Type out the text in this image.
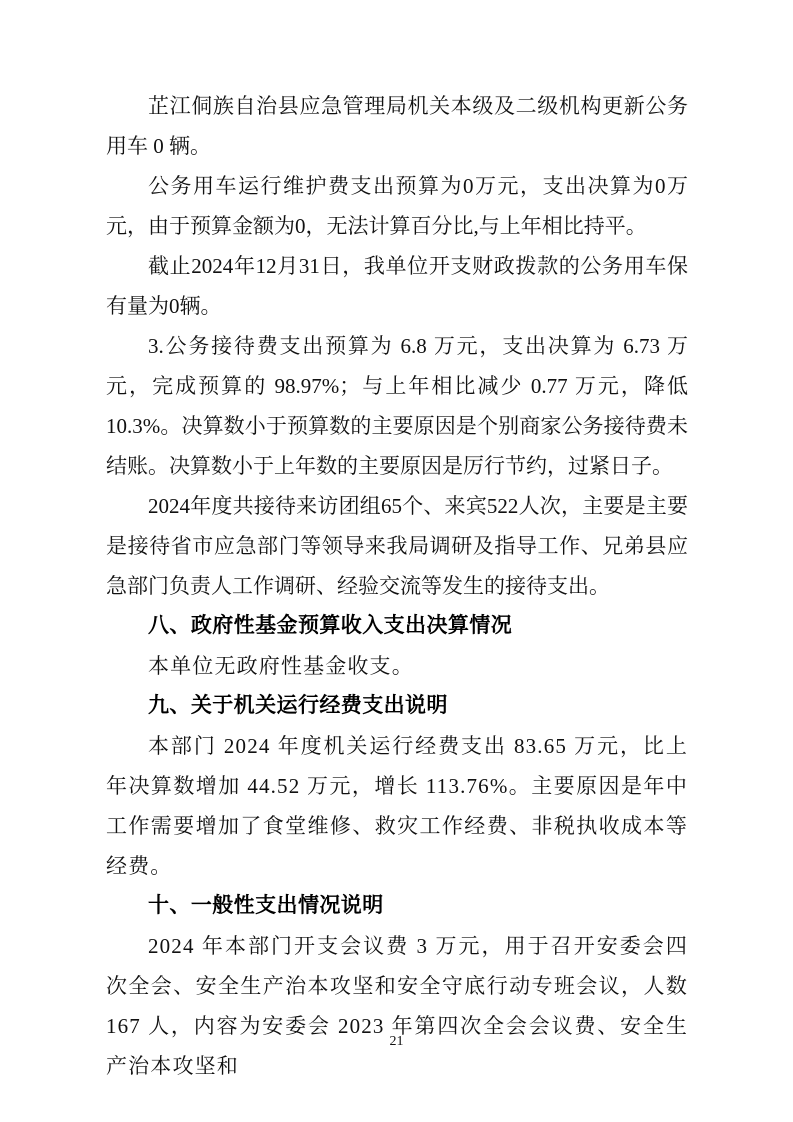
芷江侗族自治县应急管理局机关本级及二级机构更新公务用车 0 辆。

公务用车运行维护费支出预算为0万元，支出决算为0万元，由于预算金额为0，无法计算百分比,与上年相比持平。

截止2024年12月31日，我单位开支财政拨款的公务用车保有量为0辆。

3.公务接待费支出预算为 6.8 万元，支出决算为 6.73 万元，完成预算的 98.97%；与上年相比减少 0.77 万元，降低 10.3%。决算数小于预算数的主要原因是个别商家公务接待费未结账。决算数小于上年数的主要原因是厉行节约，过紧日子。

2024年度共接待来访团组65个、来宾522人次，主要是主要是接待省市应急部门等领导来我局调研及指导工作、兄弟县应急部门负责人工作调研、经验交流等发生的接待支出。

八、政府性基金预算收入支出决算情况

本单位无政府性基金收支。

九、关于机关运行经费支出说明

本部门 2024 年度机关运行经费支出 83.65 万元，比上年决算数增加 44.52 万元，增长 113.76%。主要原因是年中工作需要增加了食堂维修、救灾工作经费、非税执收成本等经费。

十、一般性支出情况说明

2024 年本部门开支会议费 3 万元，用于召开安委会四次全会、安全生产治本攻坚和安全守底行动专班会议，人数 167 人，内容为安委会 2023 年第四次全会会议费、安全生产治本攻坚和

21
